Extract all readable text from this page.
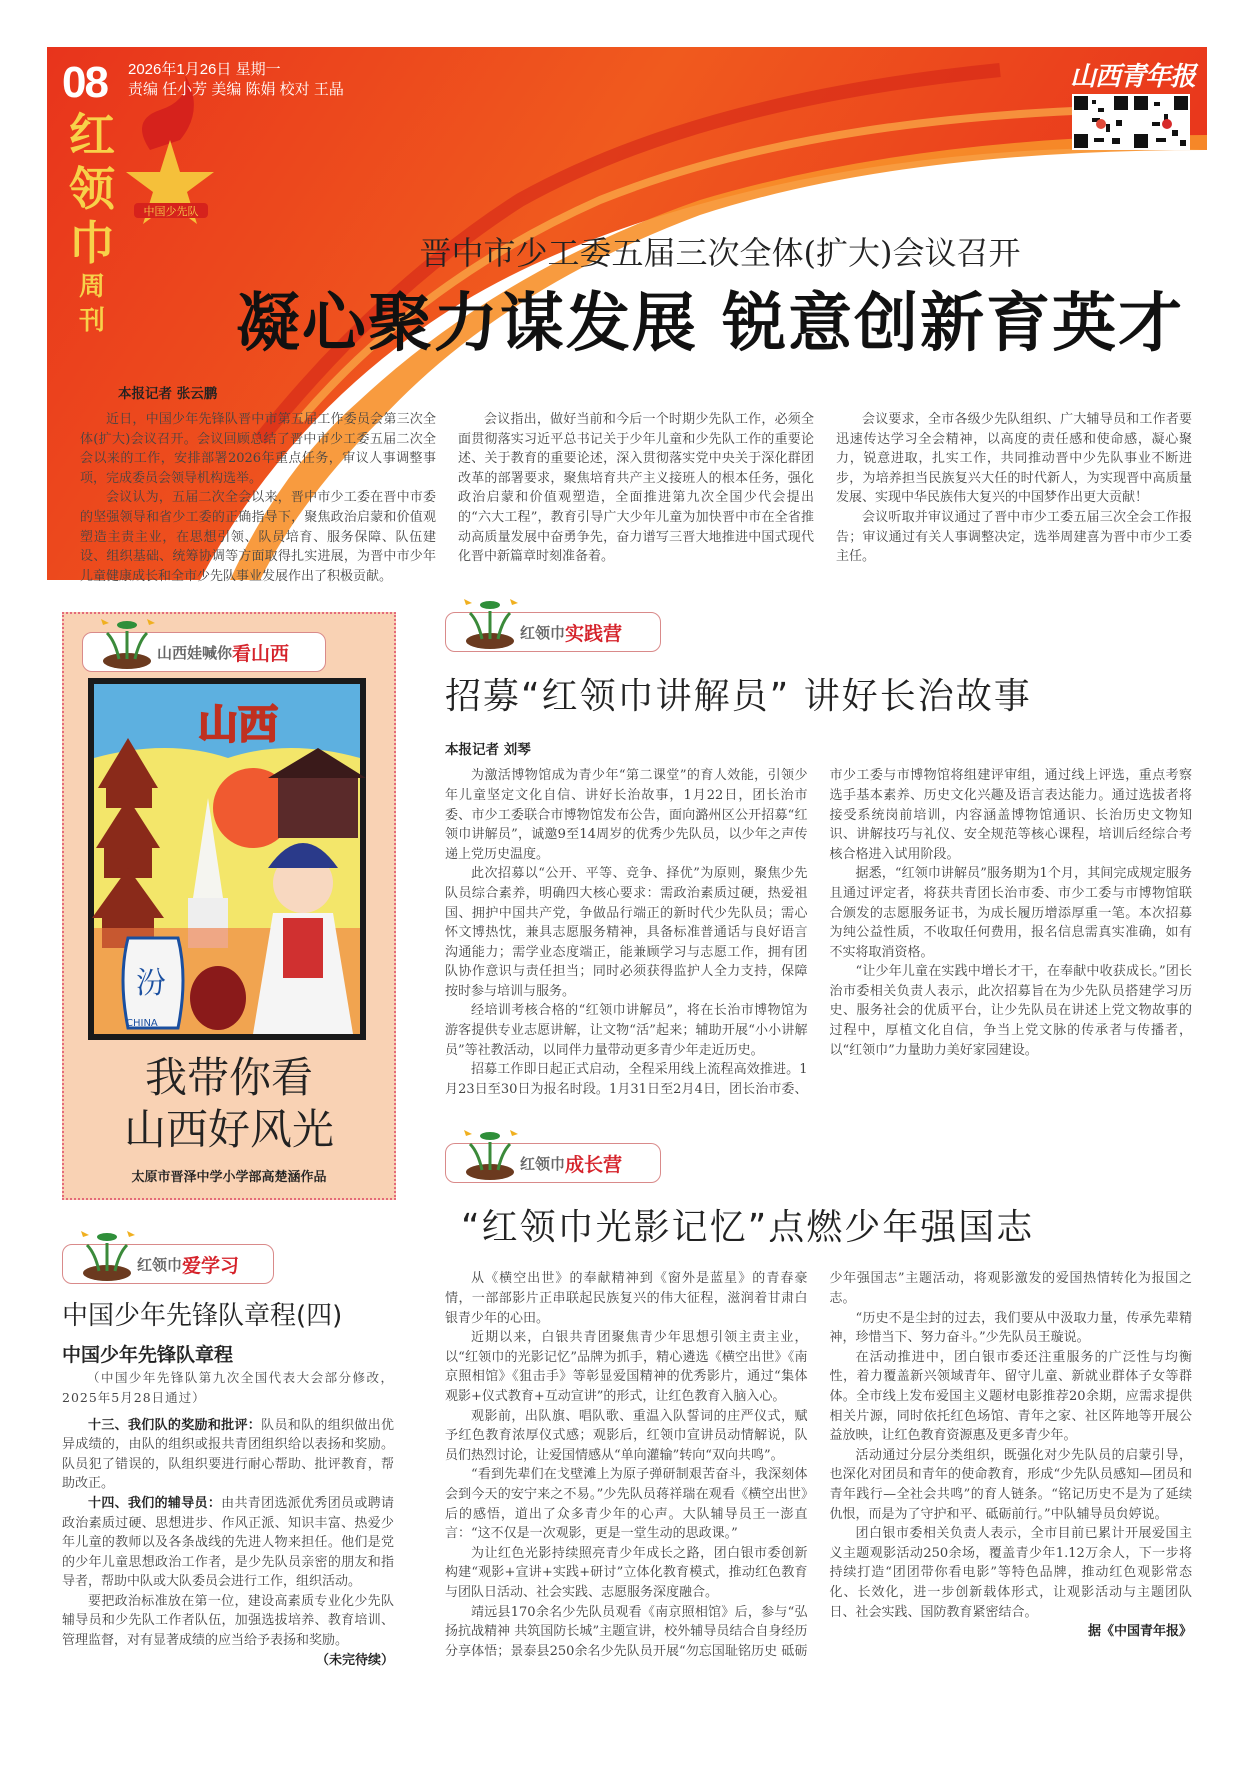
中国少先队
08 2026年1月26日 星期一
责编 任小芳 美编 陈娟 校对 王晶
红领巾
周刊
山西青年报
晋中市少工委五届三次全体(扩大)会议召开
凝心聚力谋发展 锐意创新育英才
本报记者 张云鹏

近日，中国少年先锋队晋中市第五届工作委员会第三次全体(扩大)会议召开。会议回顾总结了晋中市少工委五届二次全会以来的工作，安排部署2026年重点任务，审议人事调整事项，完成委员会领导机构选举。

会议认为，五届二次全会以来，晋中市少工委在晋中市委的坚强领导和省少工委的正确指导下，聚焦政治启蒙和价值观塑造主责主业，在思想引领、队员培育、服务保障、队伍建设、组织基础、统筹协调等方面取得扎实进展，为晋中市少年儿童健康成长和全市少先队事业发展作出了积极贡献。

会议指出，做好当前和今后一个时期少先队工作，必须全面贯彻落实习近平总书记关于少年儿童和少先队工作的重要论述、关于教育的重要论述，深入贯彻落实党中央关于深化群团改革的部署要求，聚焦培育共产主义接班人的根本任务，强化政治启蒙和价值观塑造，全面推进第九次全国少代会提出的“六大工程”，教育引导广大少年儿童为加快晋中市在全省推动高质量发展中奋勇争先，奋力谱写三晋大地推进中国式现代化晋中新篇章时刻准备着。

会议要求，全市各级少先队组织、广大辅导员和工作者要迅速传达学习全会精神，以高度的责任感和使命感，凝心聚力，锐意进取，扎实工作，共同推动晋中少先队事业不断进步，为培养担当民族复兴大任的时代新人，为实现晋中高质量发展、实现中华民族伟大复兴的中国梦作出更大贡献！

会议听取并审议通过了晋中市少工委五届三次全会工作报告；审议通过有关人事调整决定，选举周建喜为晋中市少工委主任。

山西娃喊你 看山西
山西
汾
CHINA
我带你看
山西好风光
太原市晋泽中学小学部高楚涵作品
红领巾 爱学习
中国少年先锋队章程(四)
中国少年先锋队章程

（中国少年先锋队第九次全国代表大会部分修改，2025年5月28日通过）

十三、我们队的奖励和批评：队员和队的组织做出优异成绩的，由队的组织或报共青团组织给以表扬和奖励。队员犯了错误的，队组织要进行耐心帮助、批评教育，帮助改正。

十四、我们的辅导员：由共青团选派优秀团员或聘请政治素质过硬、思想进步、作风正派、知识丰富、热爱少年儿童的教师以及各条战线的先进人物来担任。他们是党的少年儿童思想政治工作者，是少先队员亲密的朋友和指导者，帮助中队或大队委员会进行工作，组织活动。

要把政治标准放在第一位，建设高素质专业化少先队辅导员和少先队工作者队伍，加强选拔培养、教育培训、管理监督，对有显著成绩的应当给予表扬和奖励。

（未完待续）

红领巾 实践营
招募“红领巾讲解员” 讲好长治故事
本报记者 刘琴

为激活博物馆成为青少年“第二课堂”的育人效能，引领少年儿童坚定文化自信、讲好长治故事，1月22日，团长治市委、市少工委联合市博物馆发布公告，面向潞州区公开招募“红领巾讲解员”，诚邀9至14周岁的优秀少先队员，以少年之声传递上党历史温度。

此次招募以“公开、平等、竞争、择优”为原则，聚焦少先队员综合素养，明确四大核心要求：需政治素质过硬，热爱祖国、拥护中国共产党，争做品行端正的新时代少先队员；需心怀文博热忱，兼具志愿服务精神，具备标准普通话与良好语言沟通能力；需学业态度端正，能兼顾学习与志愿工作，拥有团队协作意识与责任担当；同时必须获得监护人全力支持，保障按时参与培训与服务。

经培训考核合格的“红领巾讲解员”，将在长治市博物馆为游客提供专业志愿讲解，让文物“活”起来；辅助开展“小小讲解员”等社教活动，以同伴力量带动更多青少年走近历史。

招募工作即日起正式启动，全程采用线上流程高效推进。1月23日至30日为报名时段。1月31日至2月4日，团长治市委、市少工委与市博物馆将组建评审组，通过线上评选，重点考察选手基本素养、历史文化兴趣及语言表达能力。通过选拔者将接受系统岗前培训，内容涵盖博物馆通识、长治历史文物知识、讲解技巧与礼仪、安全规范等核心课程，培训后经综合考核合格进入试用阶段。

据悉，“红领巾讲解员”服务期为1个月，其间完成规定服务且通过评定者，将获共青团长治市委、市少工委与市博物馆联合颁发的志愿服务证书，为成长履历增添厚重一笔。本次招募为纯公益性质，不收取任何费用，报名信息需真实准确，如有不实将取消资格。

“让少年儿童在实践中增长才干，在奉献中收获成长。”团长治市委相关负责人表示，此次招募旨在为少先队员搭建学习历史、服务社会的优质平台，让少先队员在讲述上党文物故事的过程中，厚植文化自信，争当上党文脉的传承者与传播者，以“红领巾”力量助力美好家园建设。

红领巾 成长营
“红领巾光影记忆”点燃少年强国志

从《横空出世》的奉献精神到《窗外是蓝星》的青春豪情，一部部影片正串联起民族复兴的伟大征程，滋润着甘肃白银青少年的心田。

近期以来，白银共青团聚焦青少年思想引领主责主业，以“红领巾的光影记忆”品牌为抓手，精心遴选《横空出世》《南京照相馆》《狙击手》等彰显爱国精神的优秀影片，通过“集体观影+仪式教育+互动宣讲”的形式，让红色教育入脑入心。

观影前，出队旗、唱队歌、重温入队誓词的庄严仪式，赋予红色教育浓厚仪式感；观影后，红领巾宣讲员动情解说，队员们热烈讨论，让爱国情感从“单向灌输”转向“双向共鸣”。

“看到先辈们在戈壁滩上为原子弹研制艰苦奋斗，我深刻体会到今天的安宁来之不易。”少先队员蒋祥瑞在观看《横空出世》后的感悟，道出了众多青少年的心声。大队辅导员王一澎直言：“这不仅是一次观影，更是一堂生动的思政课。”

为让红色光影持续照亮青少年成长之路，团白银市委创新构建“观影+宣讲+实践+研讨”立体化教育模式，推动红色教育与团队日活动、社会实践、志愿服务深度融合。

靖远县170余名少先队员观看《南京照相馆》后，参与“弘扬抗战精神 共筑国防长城”主题宣讲，校外辅导员结合自身经历分享体悟；景泰县250余名少先队员开展“勿忘国耻铭历史 砥砺少年强国志”主题活动，将观影激发的爱国热情转化为报国之志。

“历史不是尘封的过去，我们要从中汲取力量，传承先辈精神，珍惜当下、努力奋斗。”少先队员王璇说。

在活动推进中，团白银市委还注重服务的广泛性与均衡性，着力覆盖新兴领域青年、留守儿童、新就业群体子女等群体。全市线上发布爱国主义题材电影推荐20余期，应需求提供相关片源，同时依托红色场馆、青年之家、社区阵地等开展公益放映，让红色教育资源惠及更多青少年。

活动通过分层分类组织，既强化对少先队员的启蒙引导，也深化对团员和青年的使命教育，形成“少先队员感知—团员和青年践行—全社会共鸣”的育人链条。“铭记历史不是为了延续仇恨，而是为了守护和平、砥砺前行。”中队辅导员贠婷说。

团白银市委相关负责人表示，全市目前已累计开展爱国主义主题观影活动250余场，覆盖青少年1.12万余人，下一步将持续打造“团团带你看电影”等特色品牌，推动红色观影常态化、长效化，进一步创新载体形式，让观影活动与主题团队日、社会实践、国防教育紧密结合。

据《中国青年报》
